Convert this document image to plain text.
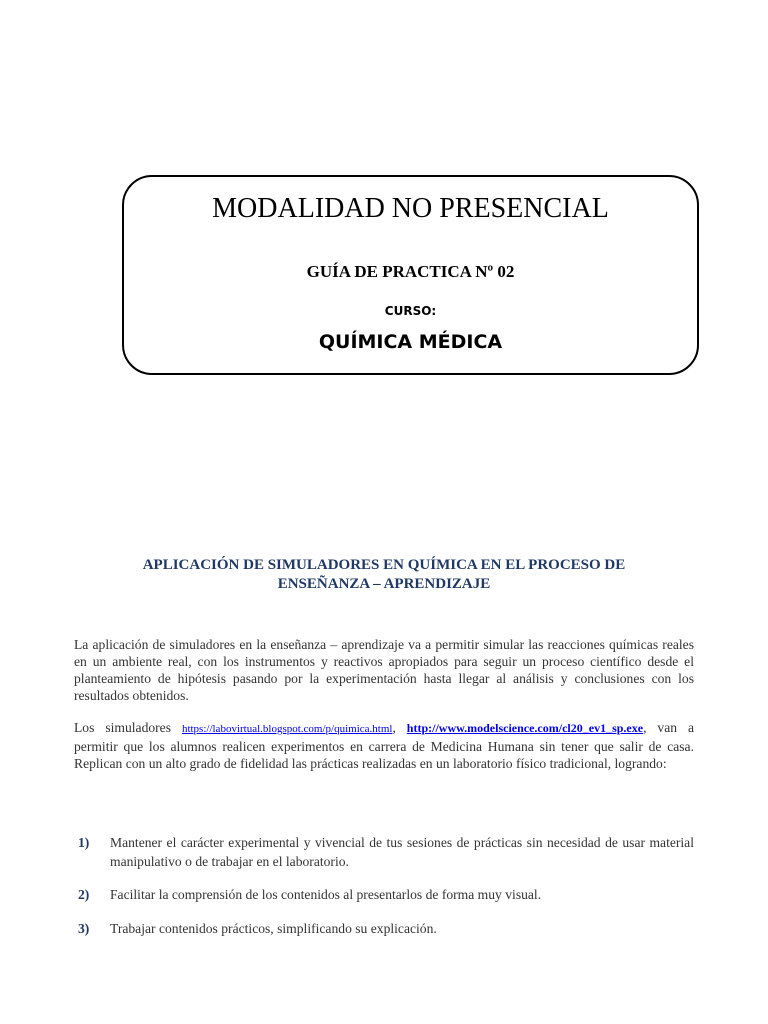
MODALIDAD NO PRESENCIAL
GUÍA DE PRACTICA Nº 02
CURSO:
QUÍMICA MÉDICA
APLICACIÓN DE SIMULADORES EN QUÍMICA EN EL PROCESO DE
ENSEÑANZA – APRENDIZAJE
La aplicación de simuladores en la enseñanza – aprendizaje va a permitir simular las reacciones químicas reales en un ambiente real, con los instrumentos y reactivos apropiados para seguir un proceso científico desde el planteamiento de hipótesis pasando por la experimentación hasta llegar al análisis y conclusiones con los resultados obtenidos.
Los simuladores https://labovirtual.blogspot.com/p/quimica.html, http://www.modelscience.com/cl20_ev1_sp.exe, van a permitir que los alumnos realicen experimentos en carrera de Medicina Humana sin tener que salir de casa. Replican con un alto grado de fidelidad las prácticas realizadas en un laboratorio físico tradicional, logrando:
1) Mantener el carácter experimental y vivencial de tus sesiones de prácticas sin necesidad de usar material manipulativo o de trabajar en el laboratorio.
2) Facilitar la comprensión de los contenidos al presentarlos de forma muy visual.
3) Trabajar contenidos prácticos, simplificando su explicación.
